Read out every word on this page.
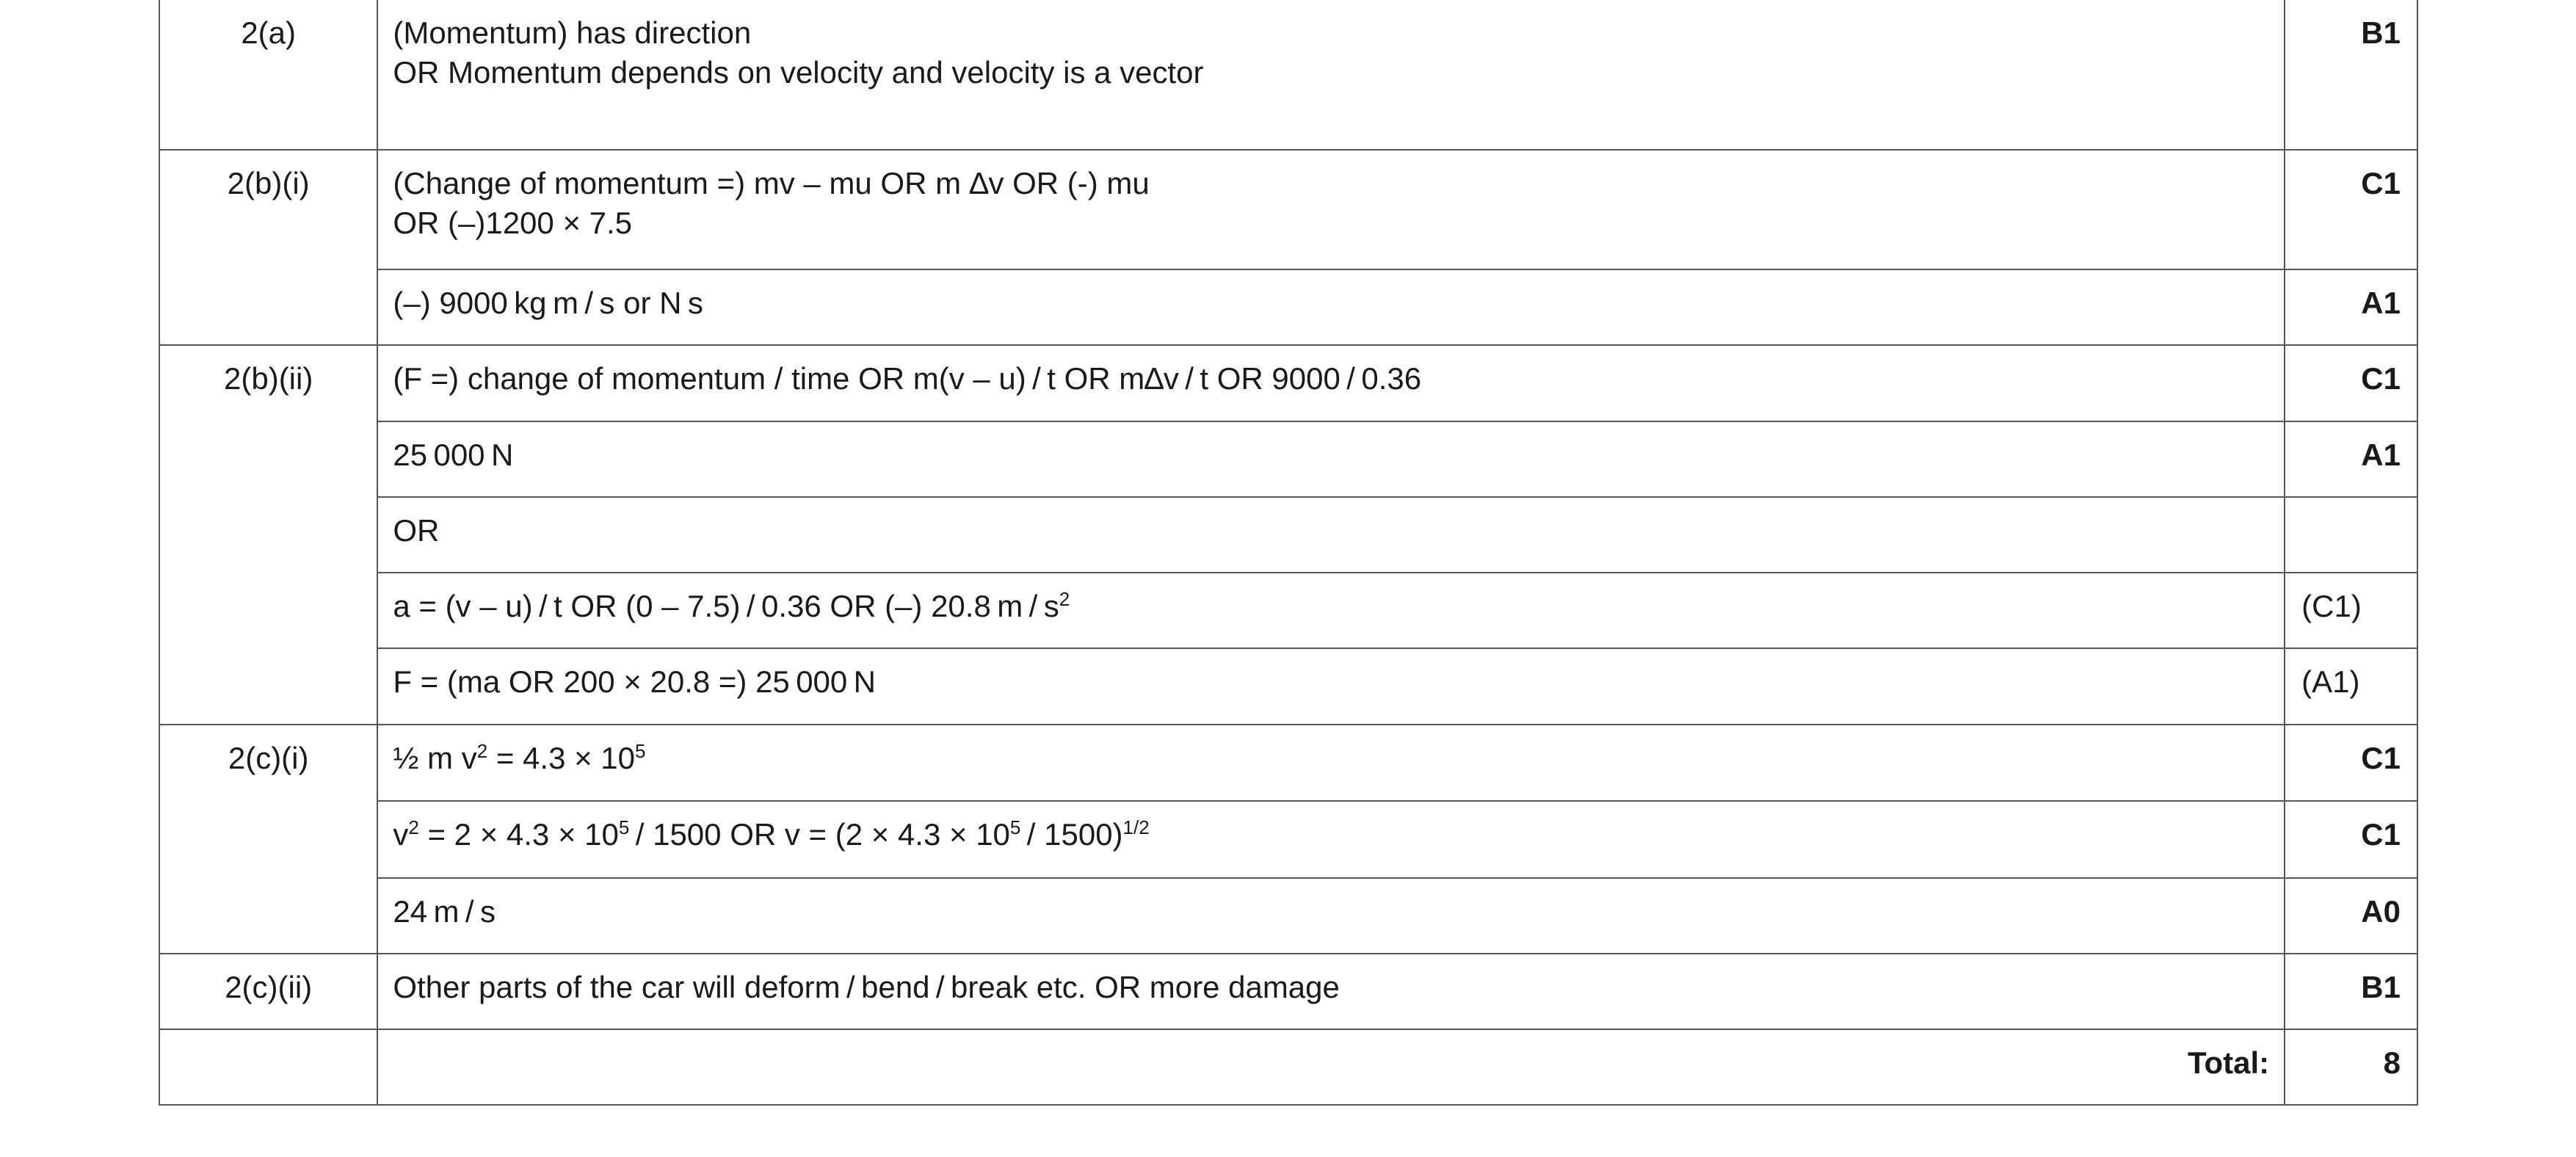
2(a)	(Momentum) has direction
OR Momentum depends on velocity and velocity is a vector	B1
2(b)(i)	(Change of momentum =) mv – mu OR m ∆v OR (-) mu
OR (–)1200 × 7.5	C1
	(–) 9000 kg m / s or N s	A1
2(b)(ii)	(F =) change of momentum / time OR m(v – u) / t OR m∆v / t OR 9000 / 0.36	C1
	25 000 N	A1
	OR	
	a = (v – u) / t OR (0 – 7.5) / 0.36 OR (–) 20.8 m / $s^2$	(C1)
	F = (ma OR 200 × 20.8 =) 25 000 N	(A1)
2(c)(i)	½ m $v^2 = 4.3 \times 10^5$	C1
	$v^2 = 2 \times 4.3 \times 10^5 / 1500$ OR $v = (2 \times 4.3 \times 10^5 / 1500)^{1/2}$	C1
	24 m / s	A0
2(c)(ii)	Other parts of the car will deform / bend / break etc. OR more damage	B1
	Total:	8
